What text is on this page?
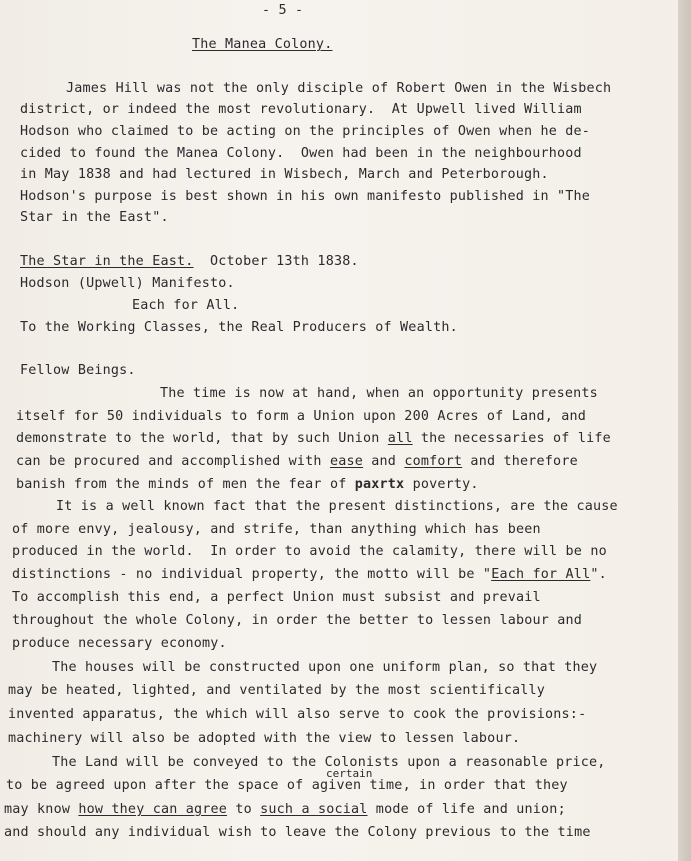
- 5 -
The Manea Colony.
James Hill was not the only disciple of Robert Owen in the Wisbech
district, or indeed the most revolutionary.  At Upwell lived William
Hodson who claimed to be acting on the principles of Owen when he de-
cided to found the Manea Colony.  Owen had been in the neighbourhood
in May 1838 and had lectured in Wisbech, March and Peterborough.
Hodson's purpose is best shown in his own manifesto published in "The
Star in the East".
The Star in the East.  October 13th 1838.
Hodson (Upwell) Manifesto.
Each for All.
To the Working Classes, the Real Producers of Wealth.
Fellow Beings.
The time is now at hand, when an opportunity presents
itself for 50 individuals to form a Union upon 200 Acres of Land, and
demonstrate to the world, that by such Union all the necessaries of life
can be procured and accomplished with ease and comfort and therefore
banish from the minds of men the fear of paxrtx poverty.
It is a well known fact that the present distinctions, are the cause
of more envy, jealousy, and strife, than anything which has been
produced in the world.  In order to avoid the calamity, there will be no
distinctions - no individual property, the motto will be "Each for All".
To accomplish this end, a perfect Union must subsist and prevail
throughout the whole Colony, in order the better to lessen labour and
produce necessary economy.
The houses will be constructed upon one uniform plan, so that they
may be heated, lighted, and ventilated by the most scientifically
invented apparatus, the which will also serve to cook the provisions:-
machinery will also be adopted with the view to lessen labour.
The Land will be conveyed to the Colonists upon a reasonable price,
certain
to be agreed upon after the space of agiven time, in order that they
may know how they can agree to such a social mode of life and union;
and should any individual wish to leave the Colony previous to the time
